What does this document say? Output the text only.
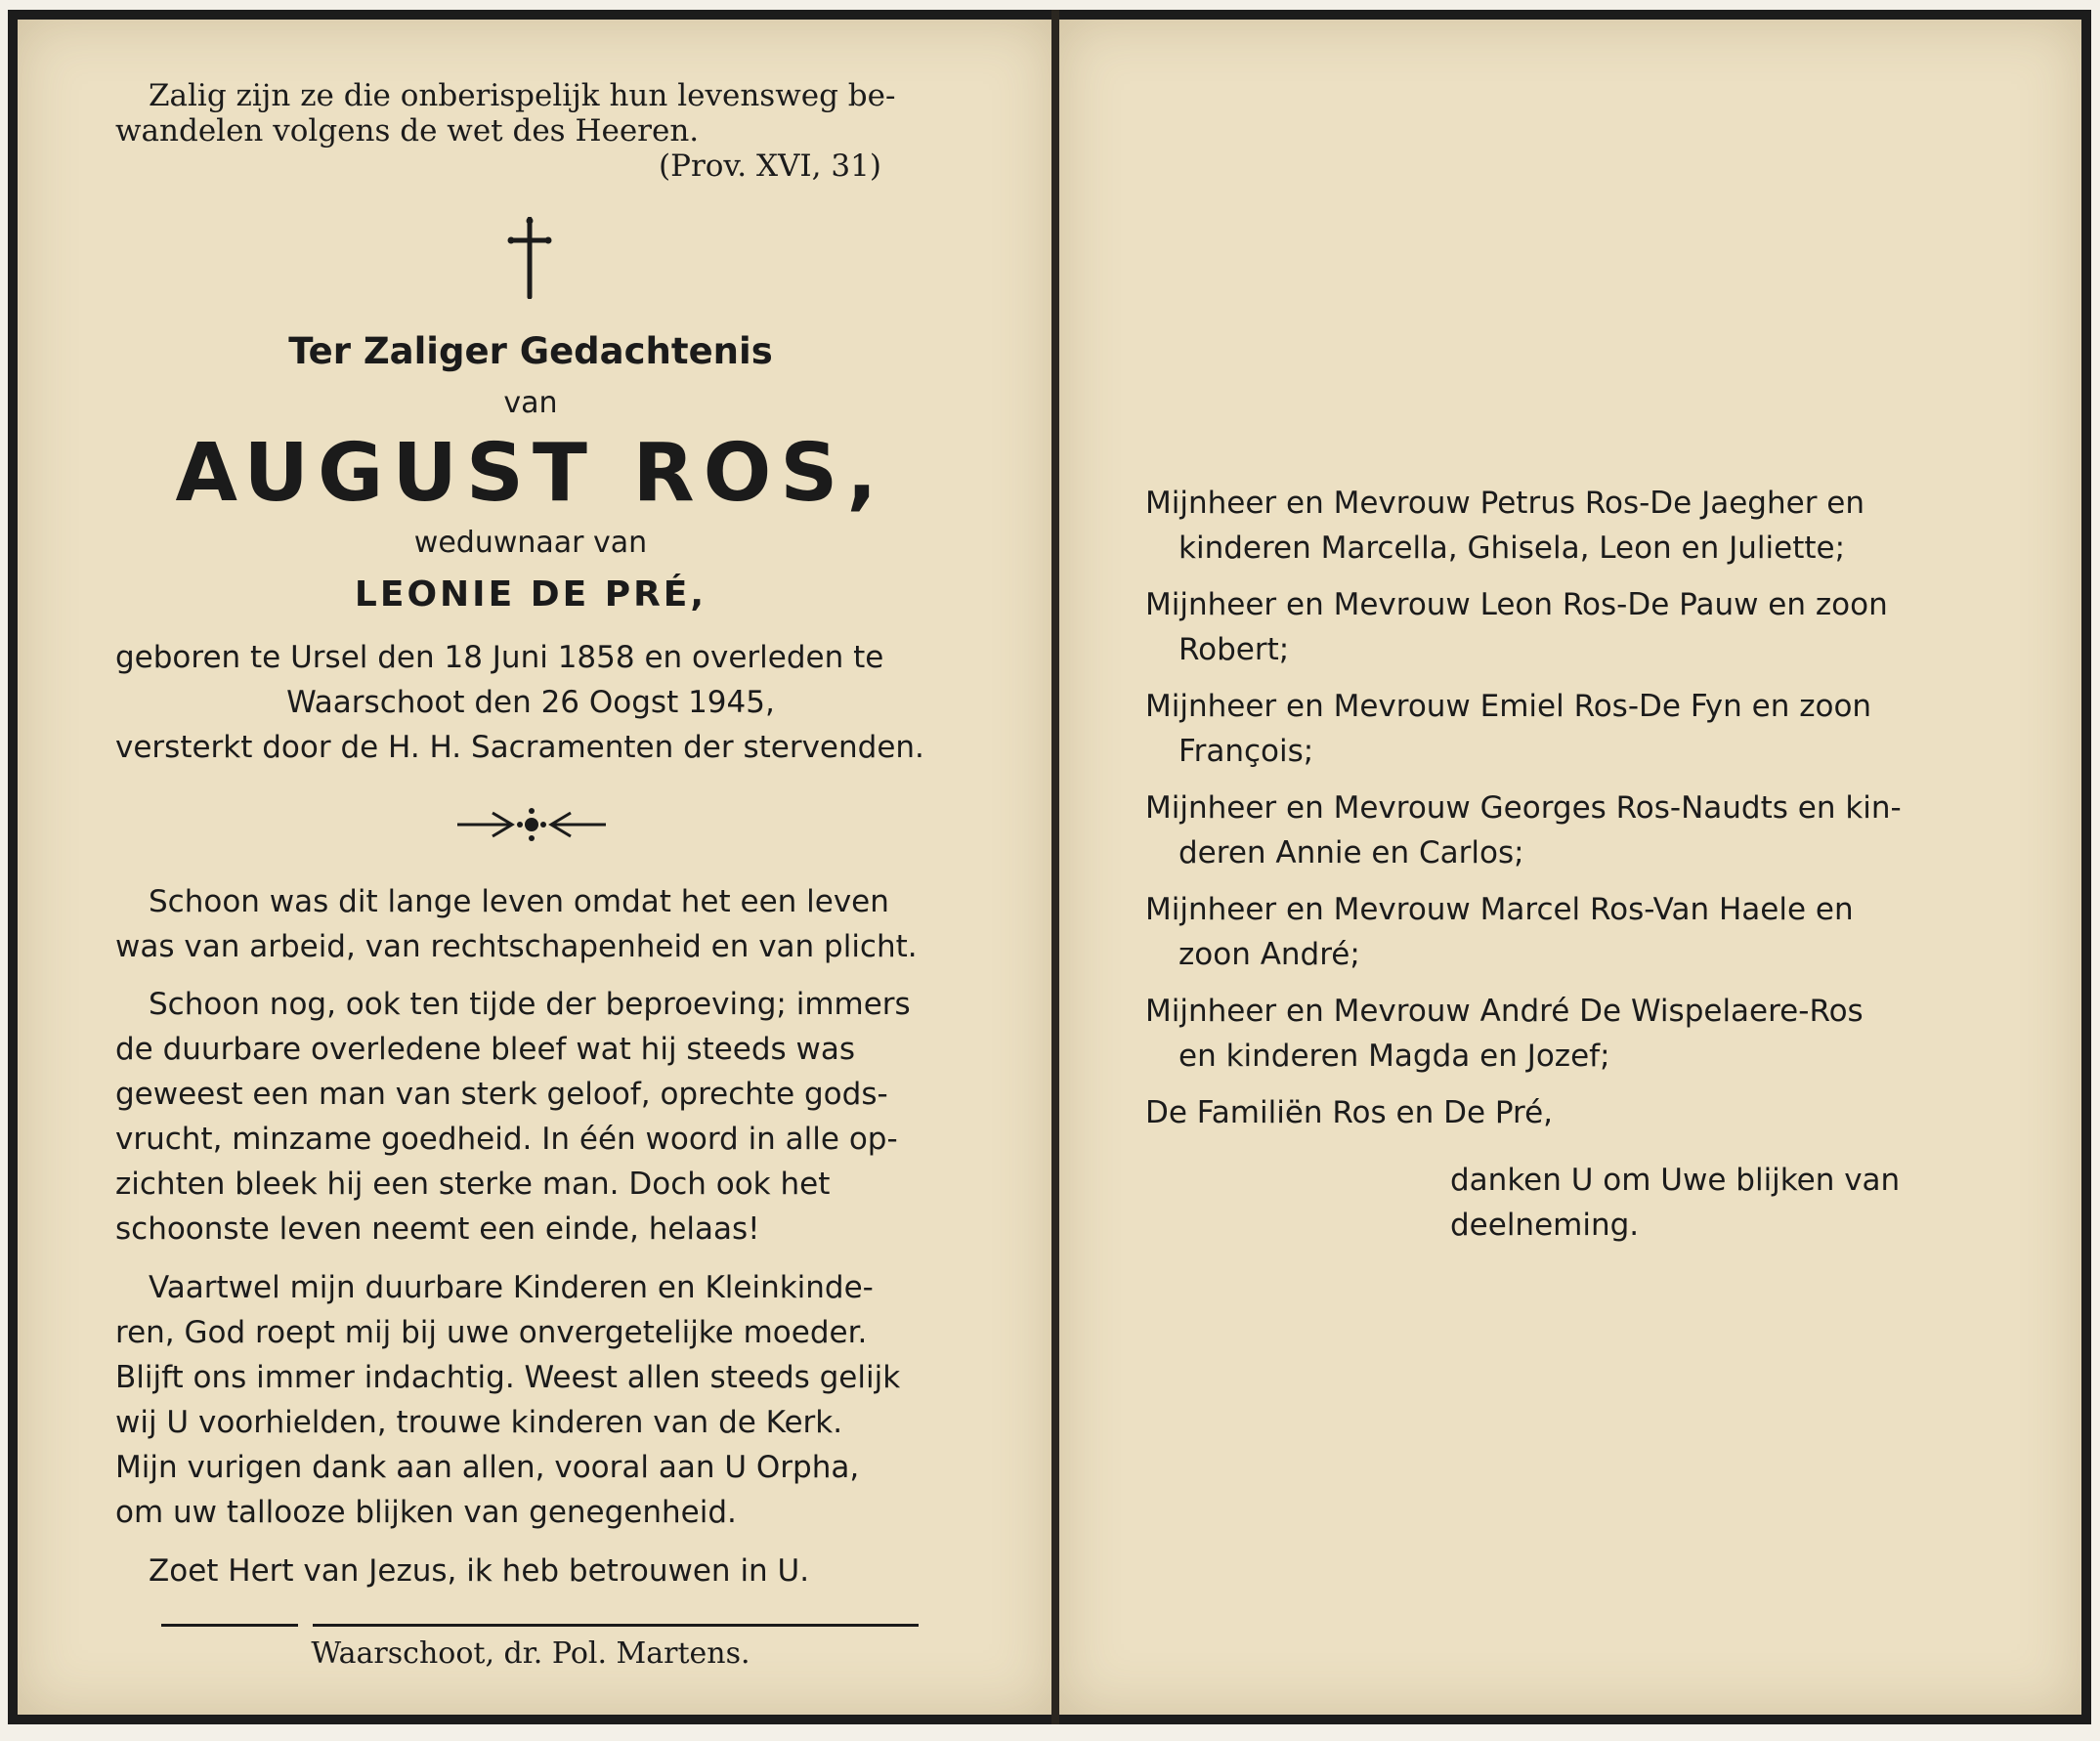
Zalig zijn ze die onberispelijk hun levensweg be-
wandelen volgens de wet des Heeren.
(Prov. XVI, 31)
Ter Zaliger Gedachtenis
van
AUGUST ROS,
weduwnaar van
LEONIE DE PRÉ,
geboren te Ursel den 18 Juni 1858 en overleden te
Waarschoot den 26 Oogst 1945,
versterkt door de H. H. Sacramenten der stervenden.
Schoon was dit lange leven omdat het een leven
was van arbeid, van rechtschapenheid en van plicht.
Schoon nog, ook ten tijde der beproeving; immers
de duurbare overledene bleef wat hij steeds was
geweest een man van sterk geloof, oprechte gods-
vrucht, minzame goedheid. In één woord in alle op-
zichten bleek hij een sterke man. Doch ook het
schoonste leven neemt een einde, helaas!
Vaartwel mijn duurbare Kinderen en Kleinkinde-
ren, God roept mij bij uwe onvergetelijke moeder.
Blijft ons immer indachtig. Weest allen steeds gelijk
wij U voorhielden, trouwe kinderen van de Kerk.
Mijn vurigen dank aan allen, vooral aan U Orpha,
om uw tallooze blijken van genegenheid.
Zoet Hert van Jezus, ik heb betrouwen in U.
Waarschoot, dr. Pol. Martens.
Mijnheer en Mevrouw Petrus Ros-De Jaegher en
kinderen Marcella, Ghisela, Leon en Juliette;
Mijnheer en Mevrouw Leon Ros-De Pauw en zoon
Robert;
Mijnheer en Mevrouw Emiel Ros-De Fyn en zoon
François;
Mijnheer en Mevrouw Georges Ros-Naudts en kin-
deren Annie en Carlos;
Mijnheer en Mevrouw Marcel Ros-Van Haele en
zoon André;
Mijnheer en Mevrouw André De Wispelaere-Ros
en kinderen Magda en Jozef;
De Familiën Ros en De Pré,
danken U om Uwe blijken van
deelneming.
